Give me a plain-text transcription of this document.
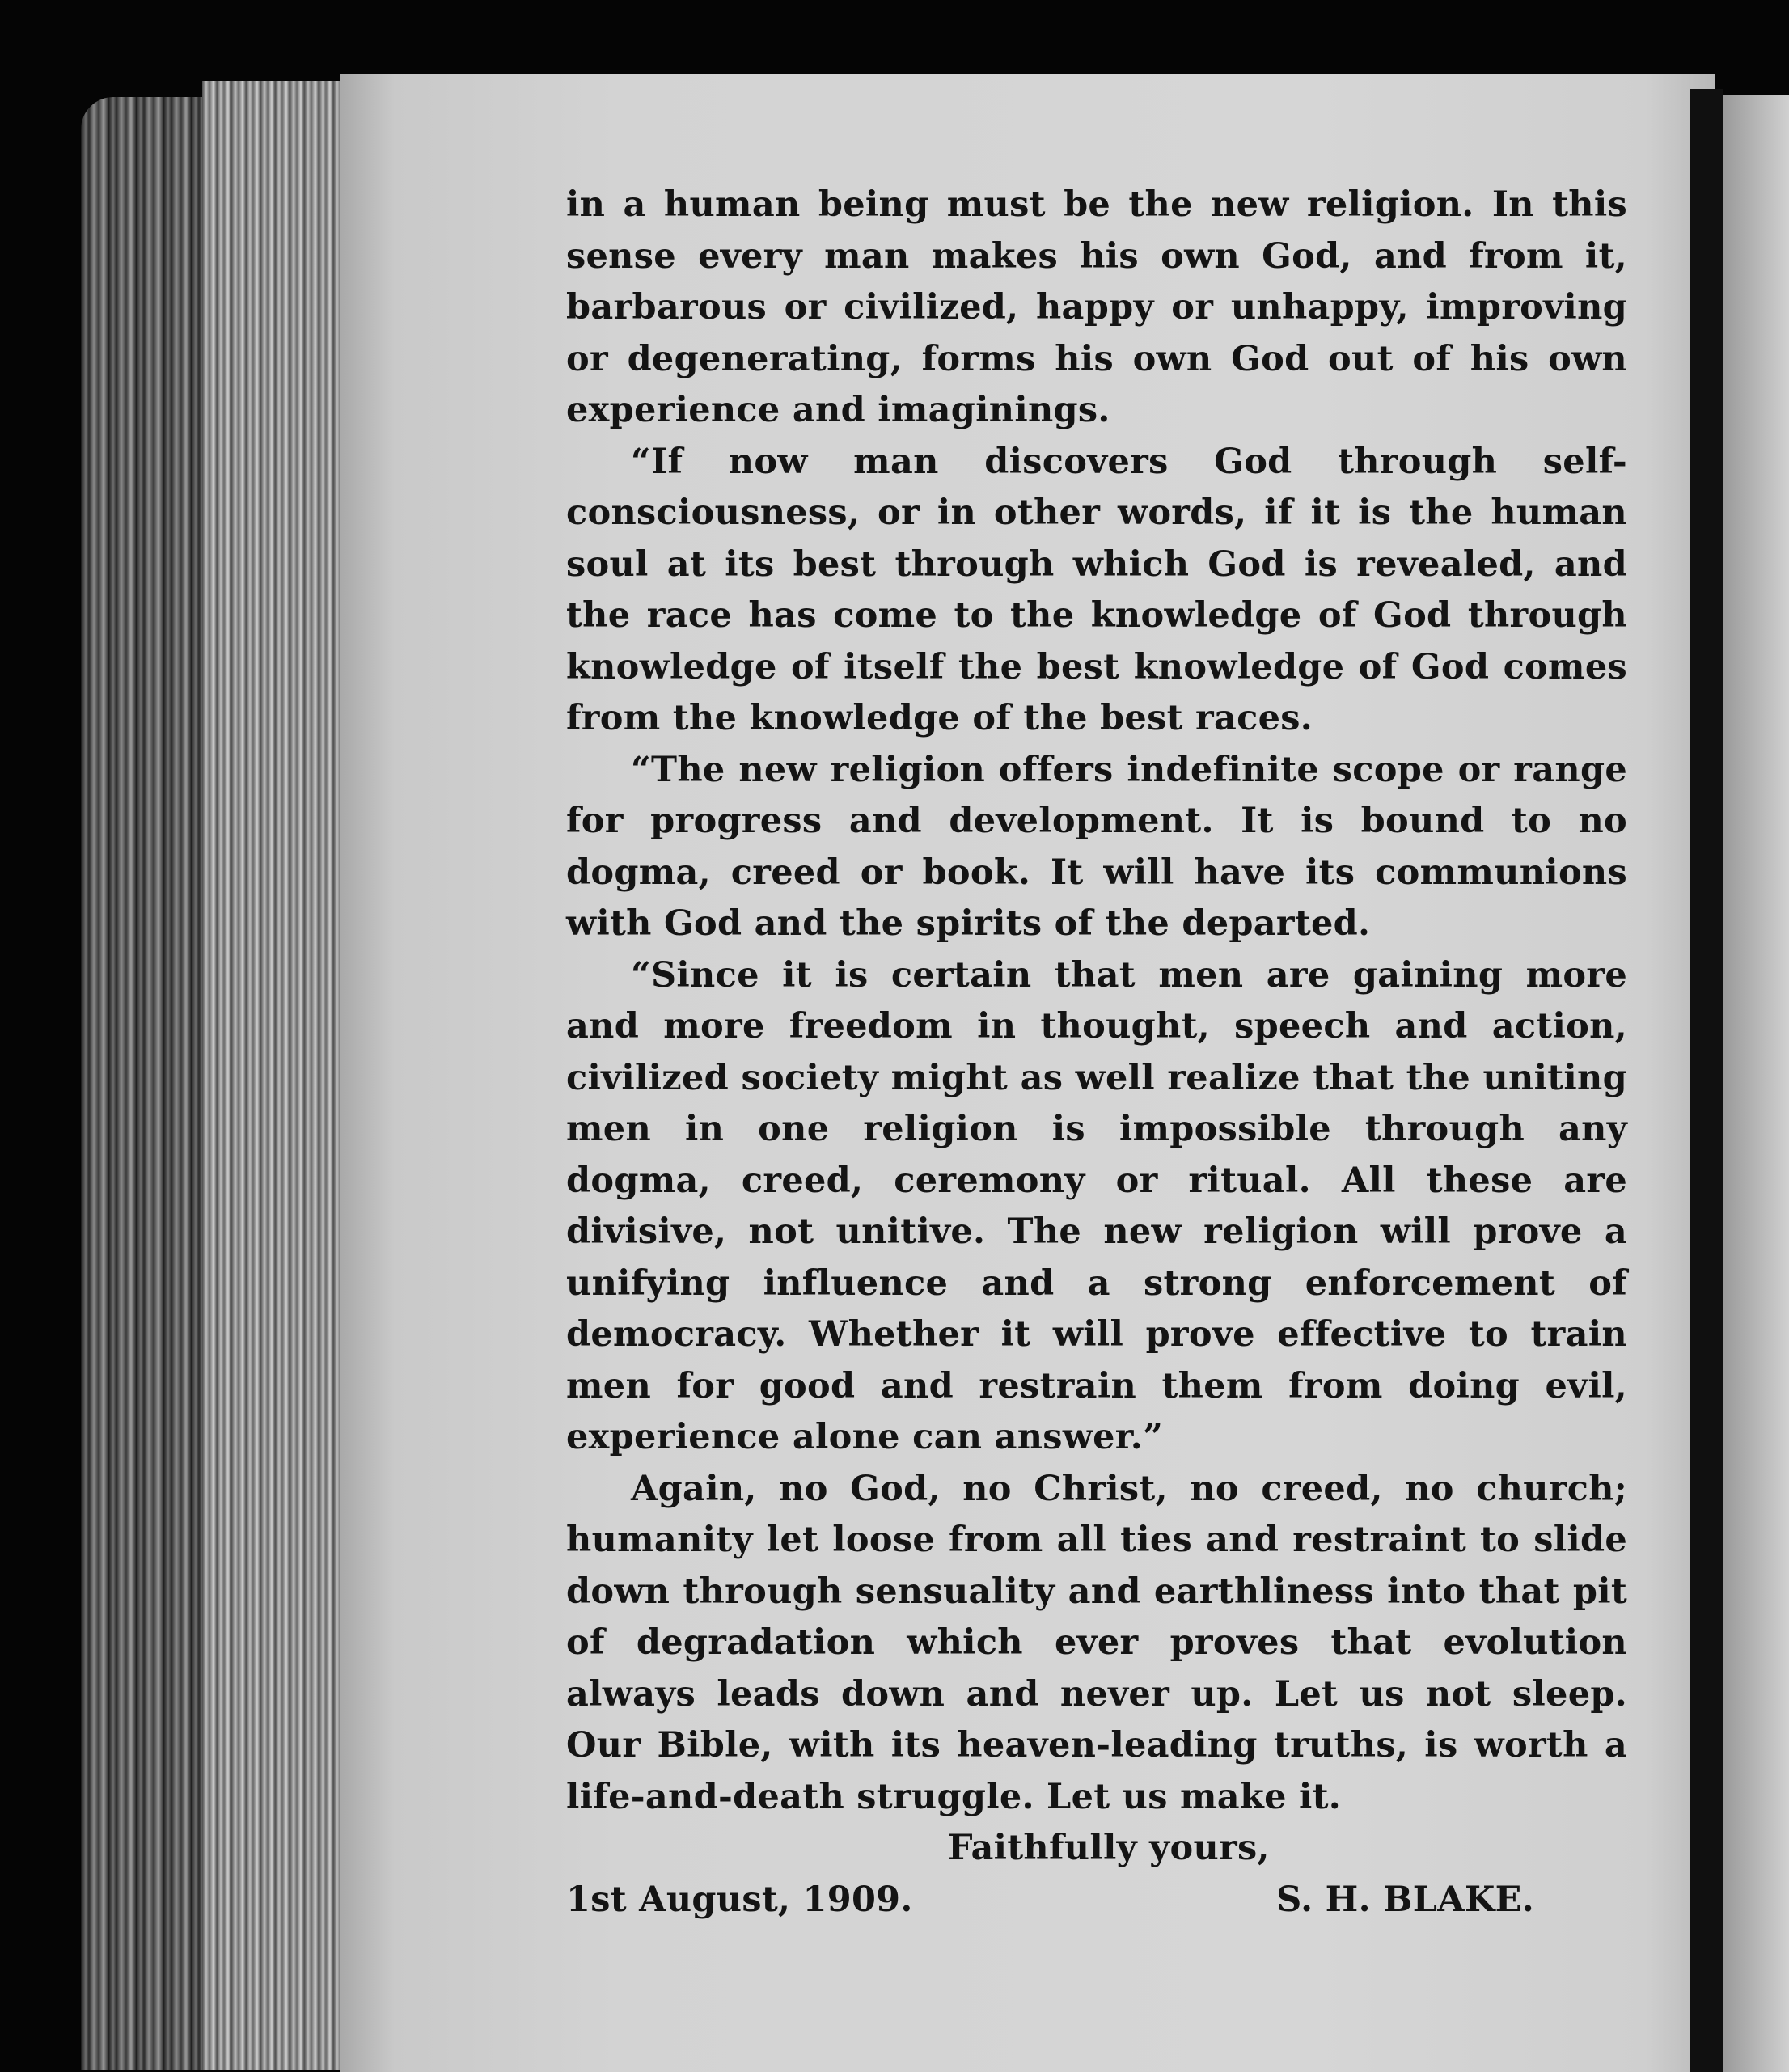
in a human being must be the new religion. In this sense every man makes his own God, and from it, barbarous or civilized, happy or unhappy, improving or degenerating, forms his own God out of his own experience and imaginings.

“If now man discovers God through self-consciousness, or in other words, if it is the human soul at its best through which God is revealed, and the race has come to the knowledge of God through knowledge of itself the best knowledge of God comes from the knowledge of the best races.

“The new religion offers indefinite scope or range for progress and development. It is bound to no dogma, creed or book. It will have its communions with God and the spirits of the departed.

“Since it is certain that men are gaining more and more freedom in thought, speech and action, civilized society might as well realize that the uniting men in one religion is impossible through any dogma, creed, ceremony or ritual. All these are divisive, not unitive. The new religion will prove a unifying influence and a strong enforcement of democracy. Whether it will prove effective to train men for good and restrain them from doing evil, experience alone can answer.”

Again, no God, no Christ, no creed, no church; humanity let loose from all ties and restraint to slide down through sensuality and earthliness into that pit of degradation which ever proves that evolution always leads down and never up. Let us not sleep. Our Bible, with its heaven-leading truths, is worth a life-and-death struggle. Let us make it.

Faithfully yours,

1st August, 1909.	S. H. BLAKE.
